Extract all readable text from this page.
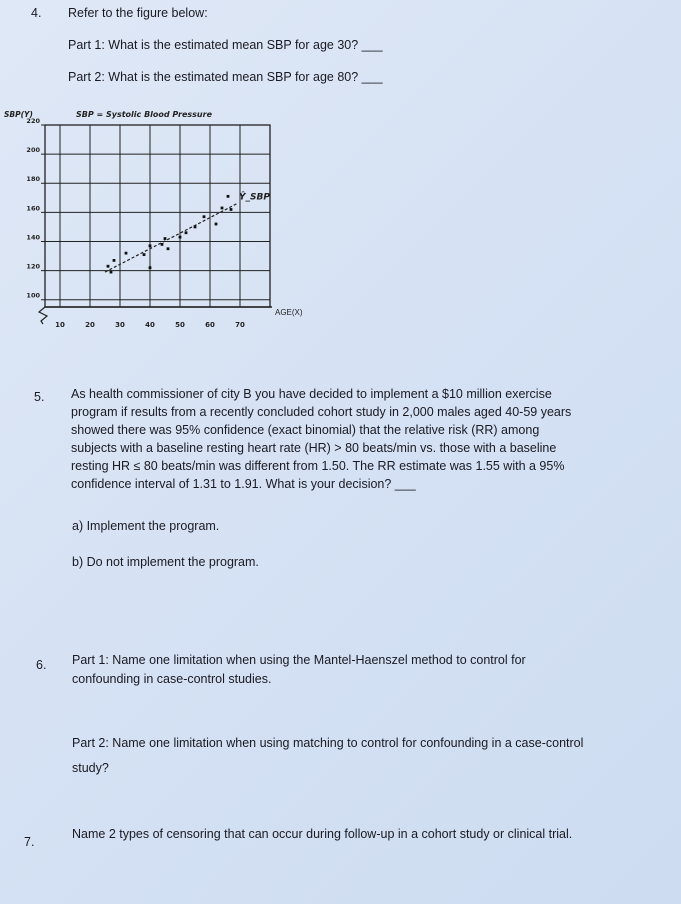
4. Refer to the figure below:
Part 1: What is the estimated mean SBP for age 30? ___
Part 2: What is the estimated mean SBP for age 80? ___
10	20	30	40	50	60	70
100
120
140
160
180
200
220
Ŷ_SBP
SBP(Y)	SBP = Systolic Blood Pressure
AGE(X)
5. As health commissioner of city B you have decided to implement a $10 million exercise
program if results from a recently concluded cohort study in 2,000 males aged 40-59 years
showed there was 95% confidence (exact binomial) that the relative risk (RR) among
subjects with a baseline resting heart rate (HR) > 80 beats/min vs. those with a baseline
resting HR ≤ 80 beats/min was different from 1.50. The RR estimate was 1.55 with a 95%
confidence interval of 1.31 to 1.91. What is your decision? ___
a) Implement the program.
b) Do not implement the program.
6. Part 1: Name one limitation when using the Mantel-Haenszel method to control for
confounding in case-control studies.
Part 2: Name one limitation when using matching to control for confounding in a case-control
study?
7.
Name 2 types of censoring that can occur during follow-up in a cohort study or clinical trial.
